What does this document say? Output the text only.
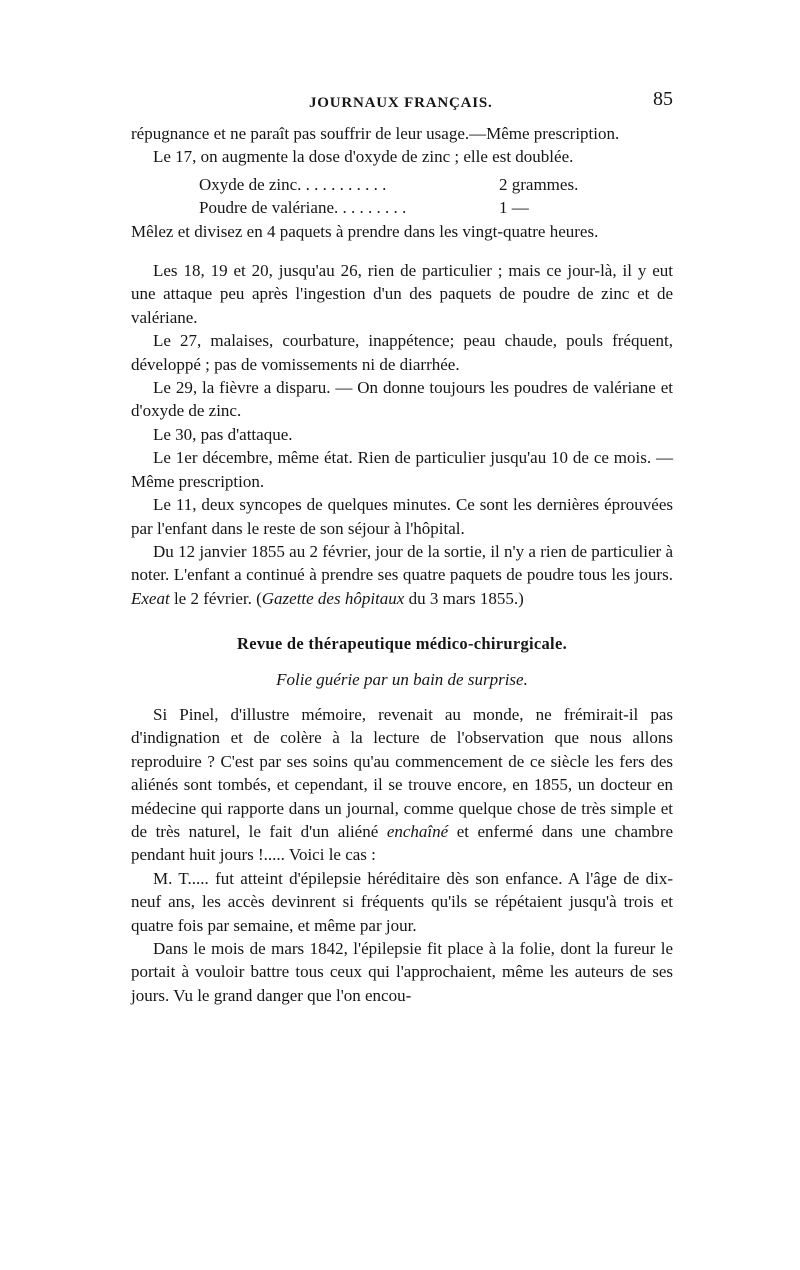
JOURNAUX FRANÇAIS.	85

répugnance et ne paraît pas souffrir de leur usage.—Même prescription.

Le 17, on augmente la dose d'oxyde de zinc ; elle est doublée.

Oxyde de zinc. . . . . . . . . . .	2 grammes.
Poudre de valériane. . . . . . . . .	1 —

Mêlez et divisez en 4 paquets à prendre dans les vingt-quatre heures.

Les 18, 19 et 20, jusqu'au 26, rien de particulier ; mais ce jour-là, il y eut une attaque peu après l'ingestion d'un des paquets de poudre de zinc et de valériane.

Le 27, malaises, courbature, inappétence; peau chaude, pouls fréquent, développé ; pas de vomissements ni de diarrhée.

Le 29, la fièvre a disparu. — On donne toujours les poudres de valériane et d'oxyde de zinc.

Le 30, pas d'attaque.

Le 1er décembre, même état. Rien de particulier jusqu'au 10 de ce mois. — Même prescription.

Le 11, deux syncopes de quelques minutes. Ce sont les dernières éprouvées par l'enfant dans le reste de son séjour à l'hôpital.

Du 12 janvier 1855 au 2 février, jour de la sortie, il n'y a rien de particulier à noter. L'enfant a continué à prendre ses quatre paquets de poudre tous les jours. Exeat le 2 février. (Gazette des hôpitaux du 3 mars 1855.)

Revue de thérapeutique médico-chirurgicale.
Folie guérie par un bain de surprise.

Si Pinel, d'illustre mémoire, revenait au monde, ne frémirait-il pas d'indignation et de colère à la lecture de l'observation que nous allons reproduire ? C'est par ses soins qu'au commencement de ce siècle les fers des aliénés sont tombés, et cependant, il se trouve encore, en 1855, un docteur en médecine qui rapporte dans un journal, comme quelque chose de très simple et de très naturel, le fait d'un aliéné enchaîné et enfermé dans une chambre pendant huit jours !..... Voici le cas :

M. T..... fut atteint d'épilepsie héréditaire dès son enfance. A l'âge de dix-neuf ans, les accès devinrent si fréquents qu'ils se répétaient jusqu'à trois et quatre fois par semaine, et même par jour.

Dans le mois de mars 1842, l'épilepsie fit place à la folie, dont la fureur le portait à vouloir battre tous ceux qui l'approchaient, même les auteurs de ses jours. Vu le grand danger que l'on encou-
